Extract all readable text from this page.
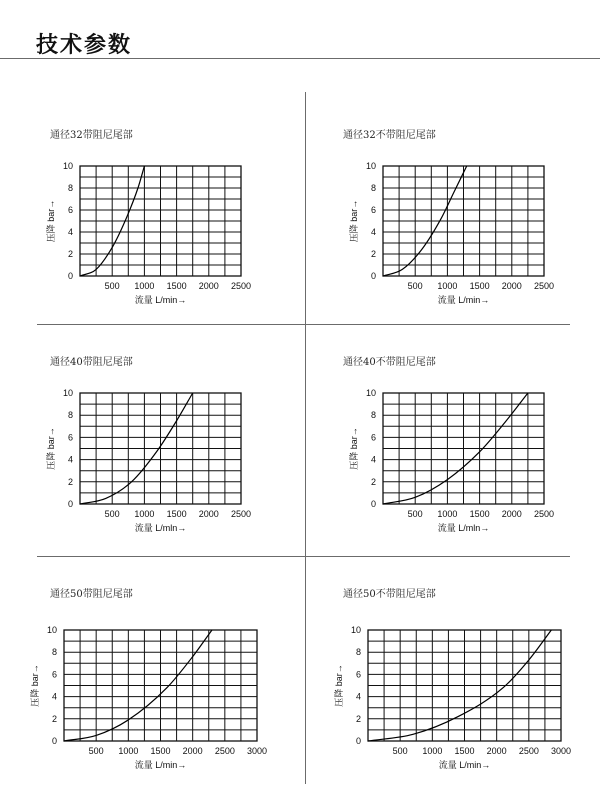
技术参数
通径32带阻尼尾部	通径32不带阻尼尾部
通径40带阻尼尾部	通径40不带阻尼尾部
通径50带阻尼尾部	通径50不带阻尼尾部
0
2
4
6
8
10
500 1000 1500 2000 2500
流量 L/min→
压降 bar→
0
2
4
6
8
10
500 1000 1500 2000 2500
流量 L/min→
压降 bar→
0
2
4
6
8
10
500 1000 1500 2000 2500
流量 L/mln→
压降 bar→
0
2
4
6
8
10
500 1000 1500 2000 2500
流量 L/mln→
压降 bar→
0
2
4
6
8
10
500 1000 1500 2000 2500 3000
流量 L/min→
压降 bar→
0
2
4
6
8
10
500 1000 1500 2000 2500 3000
流量 L/min→
压降 bar→
